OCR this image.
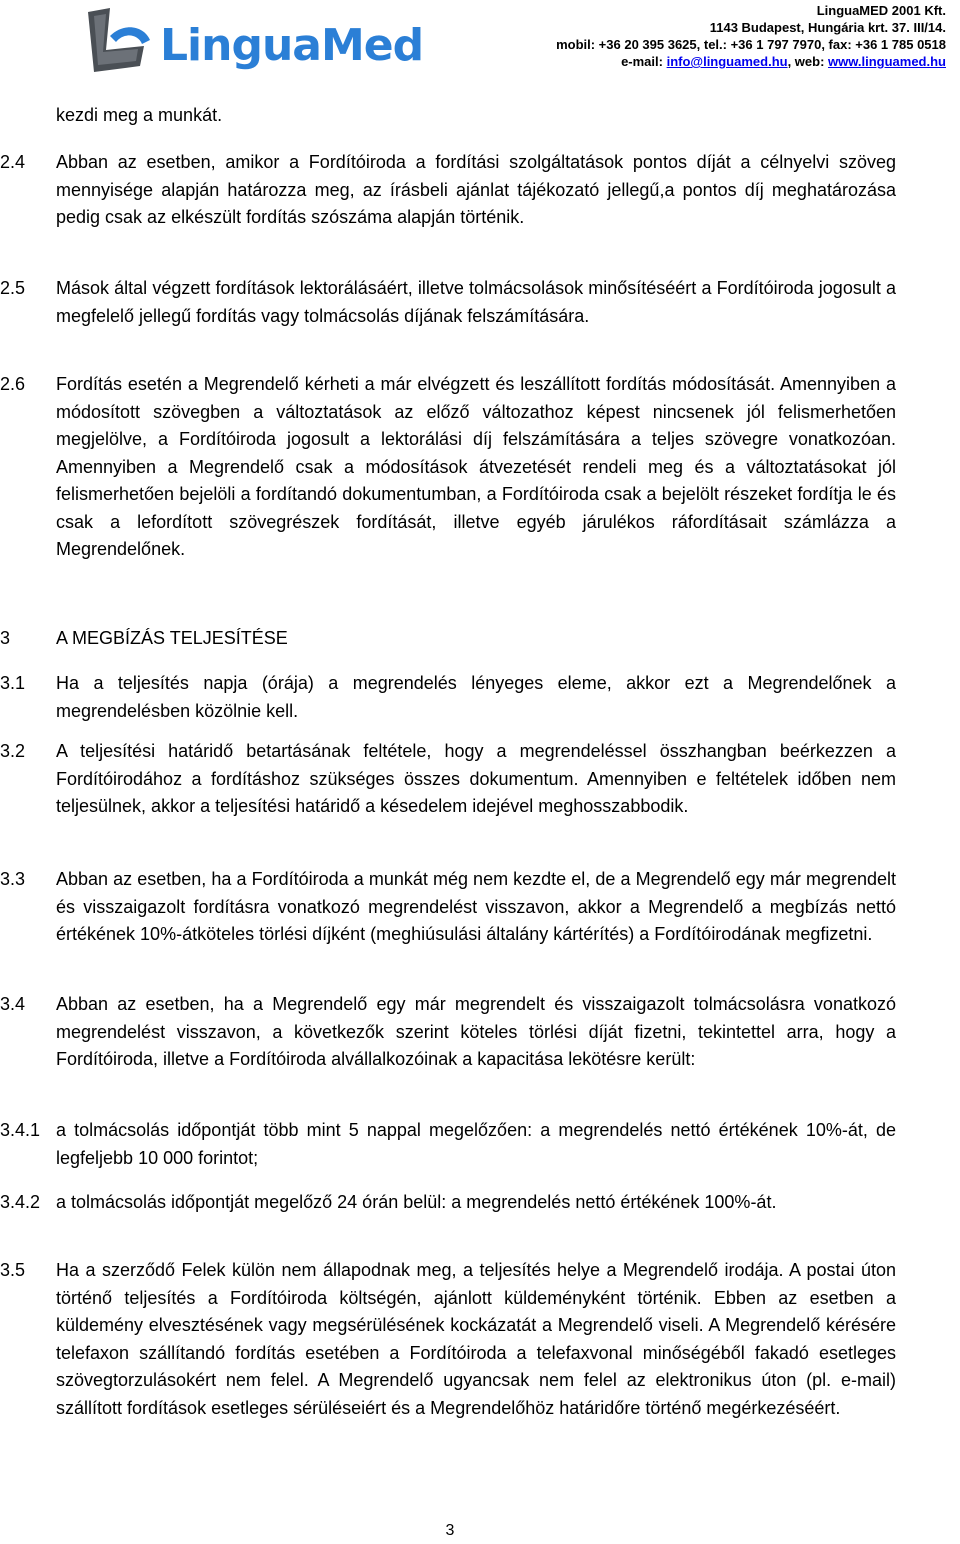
LinguaMed
LinguaMED 2001 Kft.
1143 Budapest, Hungária krt. 37. III/14.
mobil: +36 20 395 3625, tel.: +36 1 797 7970, fax: +36 1 785 0518
e-mail: info@linguamed.hu, web: www.linguamed.hu
kezdi meg a munkát.
2.4	Abban az esetben, amikor a Fordítóiroda a fordítási szolgáltatások pontos díját a célnyelvi szöveg mennyisége alapján határozza meg, az írásbeli ajánlat tájékozató jellegű,a pontos díj meghatározása pedig csak az elkészült fordítás szószáma alapján történik.
2.5	Mások által végzett fordítások lektorálásáért, illetve tolmácsolások minősítéséért a Fordítóiroda jogosult a megfelelő jellegű fordítás vagy tolmácsolás díjának felszámítására.
2.6	Fordítás esetén a Megrendelő kérheti a már elvégzett és leszállított fordítás módosítását. Amennyiben a módosított szövegben a változtatások az előző változathoz képest nincsenek jól felismerhetően megjelölve, a Fordítóiroda jogosult a lektorálási díj felszámítására a teljes szövegre vonatkozóan. Amennyiben a Megrendelő csak a módosítások átvezetését rendeli meg és a változtatásokat jól felismerhetően bejelöli a fordítandó dokumentumban, a Fordítóiroda csak a bejelölt részeket fordítja le és csak a lefordított szövegrészek fordítását, illetve egyéb járulékos ráfordításait számlázza a Megrendelőnek.
3	A MEGBÍZÁS TELJESÍTÉSE
3.1	Ha a teljesítés napja (órája) a megrendelés lényeges eleme, akkor ezt a Megrendelőnek a megrendelésben közölnie kell.
3.2	A teljesítési határidő betartásának feltétele, hogy a megrendeléssel összhangban beérkezzen a Fordítóirodához a fordításhoz szükséges összes dokumentum. Amennyiben e feltételek időben nem teljesülnek, akkor a teljesítési határidő a késedelem idejével meghosszabbodik.
3.3	Abban az esetben, ha a Fordítóiroda a munkát még nem kezdte el, de a Megrendelő egy már megrendelt és visszaigazolt fordításra vonatkozó megrendelést visszavon, akkor a Megrendelő a megbízás nettó értékének 10%-átköteles törlési díjként (meghiúsulási általány kártérítés) a Fordítóirodának megfizetni.
3.4	Abban az esetben, ha a Megrendelő egy már megrendelt és visszaigazolt tolmácsolásra vonatkozó megrendelést visszavon, a következők szerint köteles törlési díját fizetni, tekintettel arra, hogy a Fordítóiroda, illetve a Fordítóiroda alvállalkozóinak a kapacitása lekötésre került:
3.4.1 a tolmácsolás időpontját több mint 5 nappal megelőzően: a megrendelés nettó értékének 10%-át, de legfeljebb 10 000 forintot;
3.4.2 a tolmácsolás időpontját megelőző 24 órán belül: a megrendelés nettó értékének 100%-át.
3.5	Ha a szerződő Felek külön nem állapodnak meg, a teljesítés helye a Megrendelő irodája. A postai úton történő teljesítés a Fordítóiroda költségén, ajánlott küldeményként történik. Ebben az esetben a küldemény elvesztésének vagy megsérülésének kockázatát a Megrendelő viseli. A Megrendelő kérésére telefaxon szállítandó fordítás esetében a Fordítóiroda a telefaxvonal minőségéből fakadó esetleges szövegtorzulásokért nem felel. A Megrendelő ugyancsak nem felel az elektronikus úton (pl. e-mail) szállított fordítások esetleges sérüléseiért és a Megrendelőhöz határidőre történő megérkezéséért.
3
